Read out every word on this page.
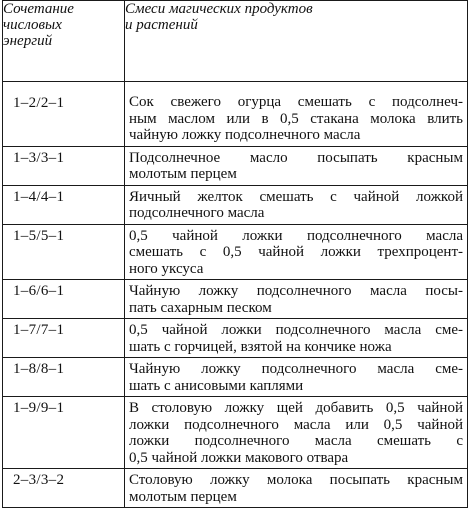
Сочетание
числовых
энергий	Смеси магических продуктов
и растений

1–2/2–1	Сок свежего огурца смешать с подсолнеч-
ным маслом или в 0,5 стакана молока влить
чайную ложку подсолнечного масла

1–3/3–1	Подсолнечное масло посыпать красным
молотым перцем

1–4/4–1	Яичный желток смешать с чайной ложкой
подсолнечного масла

1–5/5–1	0,5 чайной ложки подсолнечного масла
смешать с 0,5 чайной ложки трехпроцент-
ного уксуса

1–6/6–1	Чайную ложку подсолнечного масла посы-
пать сахарным песком

1–7/7–1	0,5 чайной ложки подсолнечного масла сме-
шать с горчицей, взятой на кончике ножа

1–8/8–1	Чайную ложку подсолнечного масла сме-
шать с анисовыми каплями

1–9/9–1	В столовую ложку щей добавить 0,5 чайной
ложки подсолнечного масла или 0,5 чайной
ложки подсолнечного масла смешать с
0,5 чайной ложки макового отвара

2–3/3–2	Столовую ложку молока посыпать красным
молотым перцем
